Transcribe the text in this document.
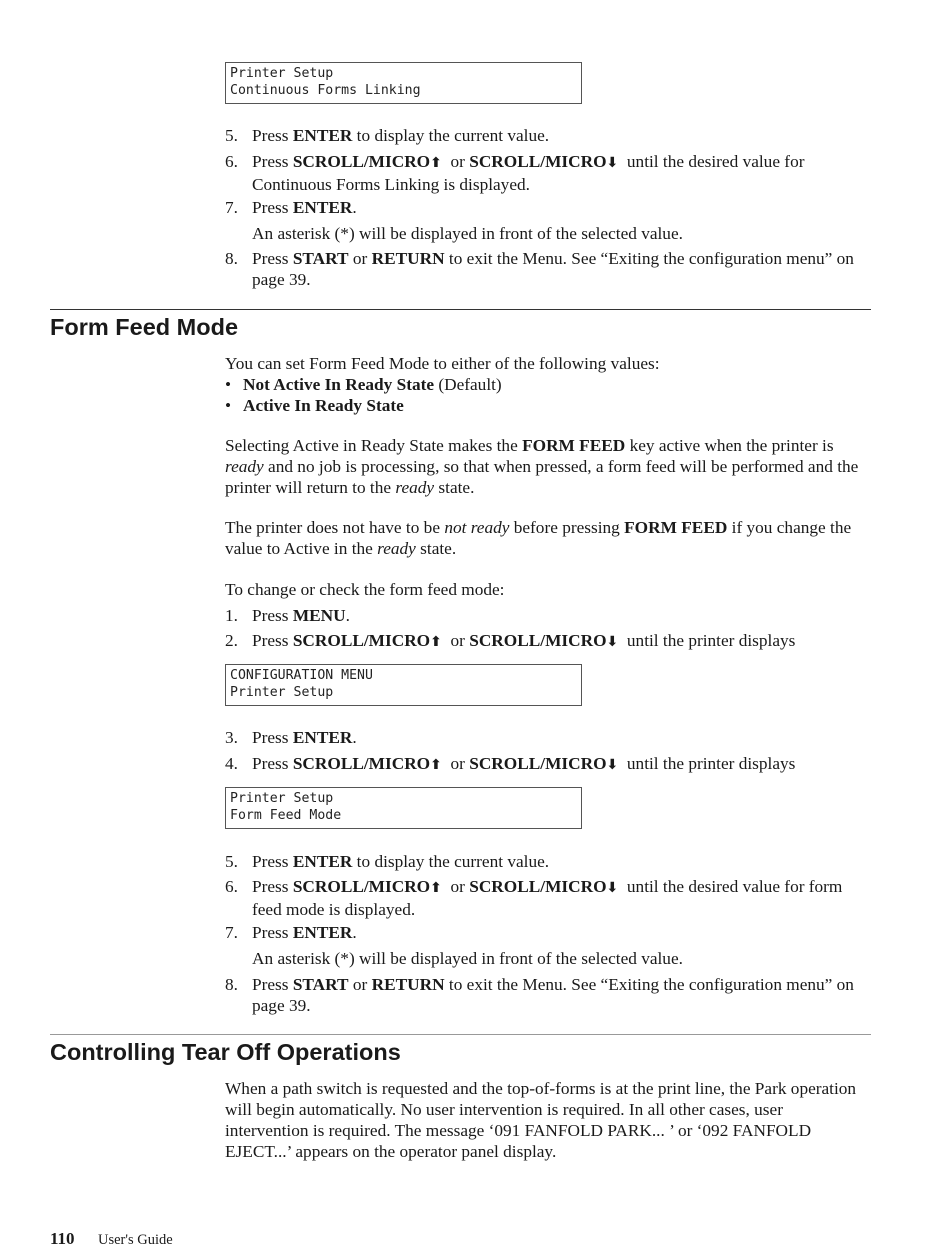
Printer Setup
Continuous Forms Linking
5. Press ENTER to display the current value.
6. Press SCROLL/MICRO⬆  or SCROLL/MICRO⬇  until the desired value for Continuous Forms Linking is displayed.
7. Press ENTER.
An asterisk (*) will be displayed in front of the selected value.
8. Press START or RETURN to exit the Menu. See “Exiting the configuration menu” on page 39.
Form Feed Mode
You can set Form Feed Mode to either of the following values:
• Not Active In Ready State (Default)
• Active In Ready State
Selecting Active in Ready State makes the FORM FEED key active when the printer is ready and no job is processing, so that when pressed, a form feed will be performed and the printer will return to the ready state.
The printer does not have to be not ready before pressing FORM FEED if you change the value to Active in the ready state.
To change or check the form feed mode:
1. Press MENU.
2. Press SCROLL/MICRO⬆  or SCROLL/MICRO⬇  until the printer displays
CONFIGURATION MENU
Printer Setup
3. Press ENTER.
4. Press SCROLL/MICRO⬆  or SCROLL/MICRO⬇  until the printer displays
Printer Setup
Form Feed Mode
5. Press ENTER to display the current value.
6. Press SCROLL/MICRO⬆  or SCROLL/MICRO⬇  until the desired value for form feed mode is displayed.
7. Press ENTER.
An asterisk (*) will be displayed in front of the selected value.
8. Press START or RETURN to exit the Menu. See “Exiting the configuration menu” on page 39.
Controlling Tear Off Operations
When a path switch is requested and the top-of-forms is at the print line, the Park operation will begin automatically. No user intervention is required. In all other cases, user intervention is required. The message ‘091 FANFOLD PARK... ’ or ‘092 FANFOLD EJECT...’ appears on the operator panel display.
110 User's Guide
